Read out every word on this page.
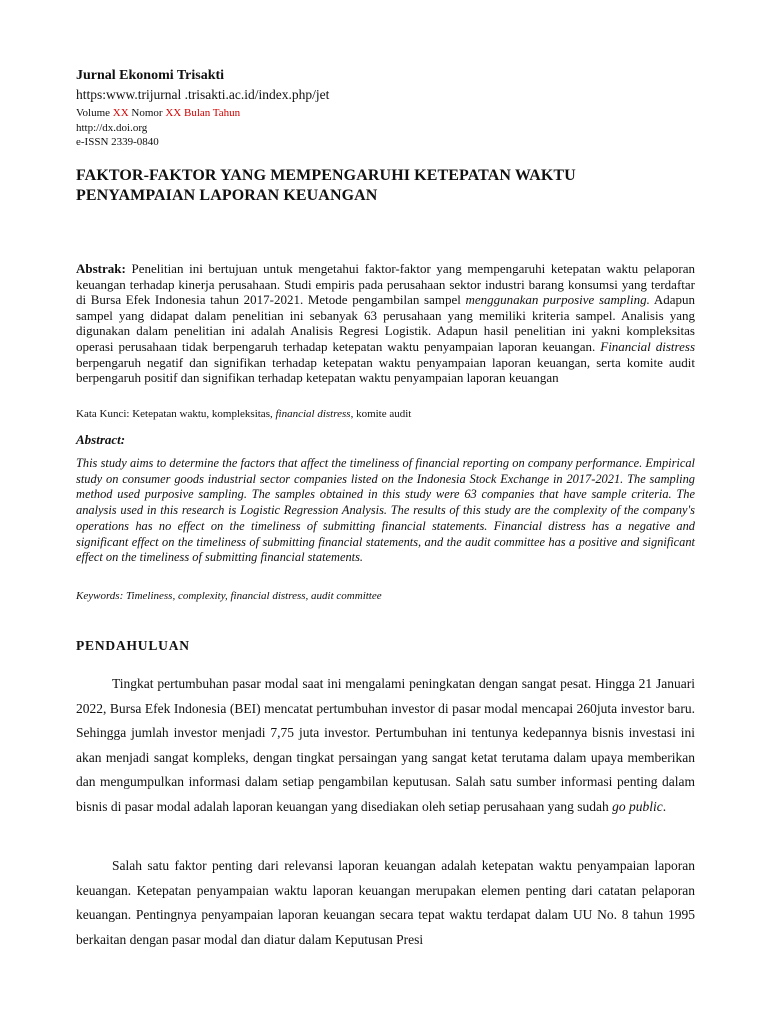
Jurnal Ekonomi Trisakti
https:www.trijurnal .trisakti.ac.id/index.php/jet
Volume XX Nomor XX Bulan Tahun
http://dx.doi.org
e-ISSN 2339-0840
FAKTOR-FAKTOR YANG MEMPENGARUHI KETEPATAN WAKTU
PENYAMPAIAN LAPORAN KEUANGAN

Abstrak: Penelitian ini bertujuan untuk mengetahui faktor-faktor yang mempengaruhi ketepatan waktu pelaporan keuangan terhadap kinerja perusahaan. Studi empiris pada perusahaan sektor industri barang konsumsi yang terdaftar di Bursa Efek Indonesia tahun 2017-2021. Metode pengambilan sampel menggunakan purposive sampling. Adapun sampel yang didapat dalam penelitian ini sebanyak 63 perusahaan yang memiliki kriteria sampel. Analisis yang digunakan dalam penelitian ini adalah Analisis Regresi Logistik. Adapun hasil penelitian ini yakni kompleksitas operasi perusahaan tidak berpengaruh terhadap ketepatan waktu penyampaian laporan keuangan. Financial distress berpengaruh negatif dan signifikan terhadap ketepatan waktu penyampaian laporan keuangan, serta komite audit berpengaruh positif dan signifikan terhadap ketepatan waktu penyampaian laporan keuangan

Kata Kunci: Ketepatan waktu, kompleksitas, financial distress, komite audit

Abstract:

This study aims to determine the factors that affect the timeliness of financial reporting on company performance. Empirical study on consumer goods industrial sector companies listed on the Indonesia Stock Exchange in 2017-2021. The sampling method used purposive sampling. The samples obtained in this study were 63 companies that have sample criteria. The analysis used in this research is Logistic Regression Analysis. The results of this study are the complexity of the company's operations has no effect on the timeliness of submitting financial statements. Financial distress has a negative and significant effect on the timeliness of submitting financial statements, and the audit committee has a positive and significant effect on the timeliness of submitting financial statements.

Keywords: Timeliness, complexity, financial distress, audit committee

PENDAHULUAN

Tingkat pertumbuhan pasar modal saat ini mengalami peningkatan dengan sangat pesat. Hingga 21 Januari 2022, Bursa Efek Indonesia (BEI) mencatat pertumbuhan investor di pasar modal mencapai 260juta investor baru. Sehingga jumlah investor menjadi 7,75 juta investor. Pertumbuhan ini tentunya kedepannya bisnis investasi ini akan menjadi sangat kompleks, dengan tingkat persaingan yang sangat ketat terutama dalam upaya memberikan dan mengumpulkan informasi dalam setiap pengambilan keputusan. Salah satu sumber informasi penting dalam bisnis di pasar modal adalah laporan keuangan yang disediakan oleh setiap perusahaan yang sudah go public.

Salah satu faktor penting dari relevansi laporan keuangan adalah ketepatan waktu penyampaian laporan keuangan. Ketepatan penyampaian waktu laporan keuangan merupakan elemen penting dari catatan pelaporan keuangan. Pentingnya penyampaian laporan keuangan secara tepat waktu terdapat dalam UU No. 8 tahun 1995 berkaitan dengan pasar modal dan diatur dalam Keputusan Presi
